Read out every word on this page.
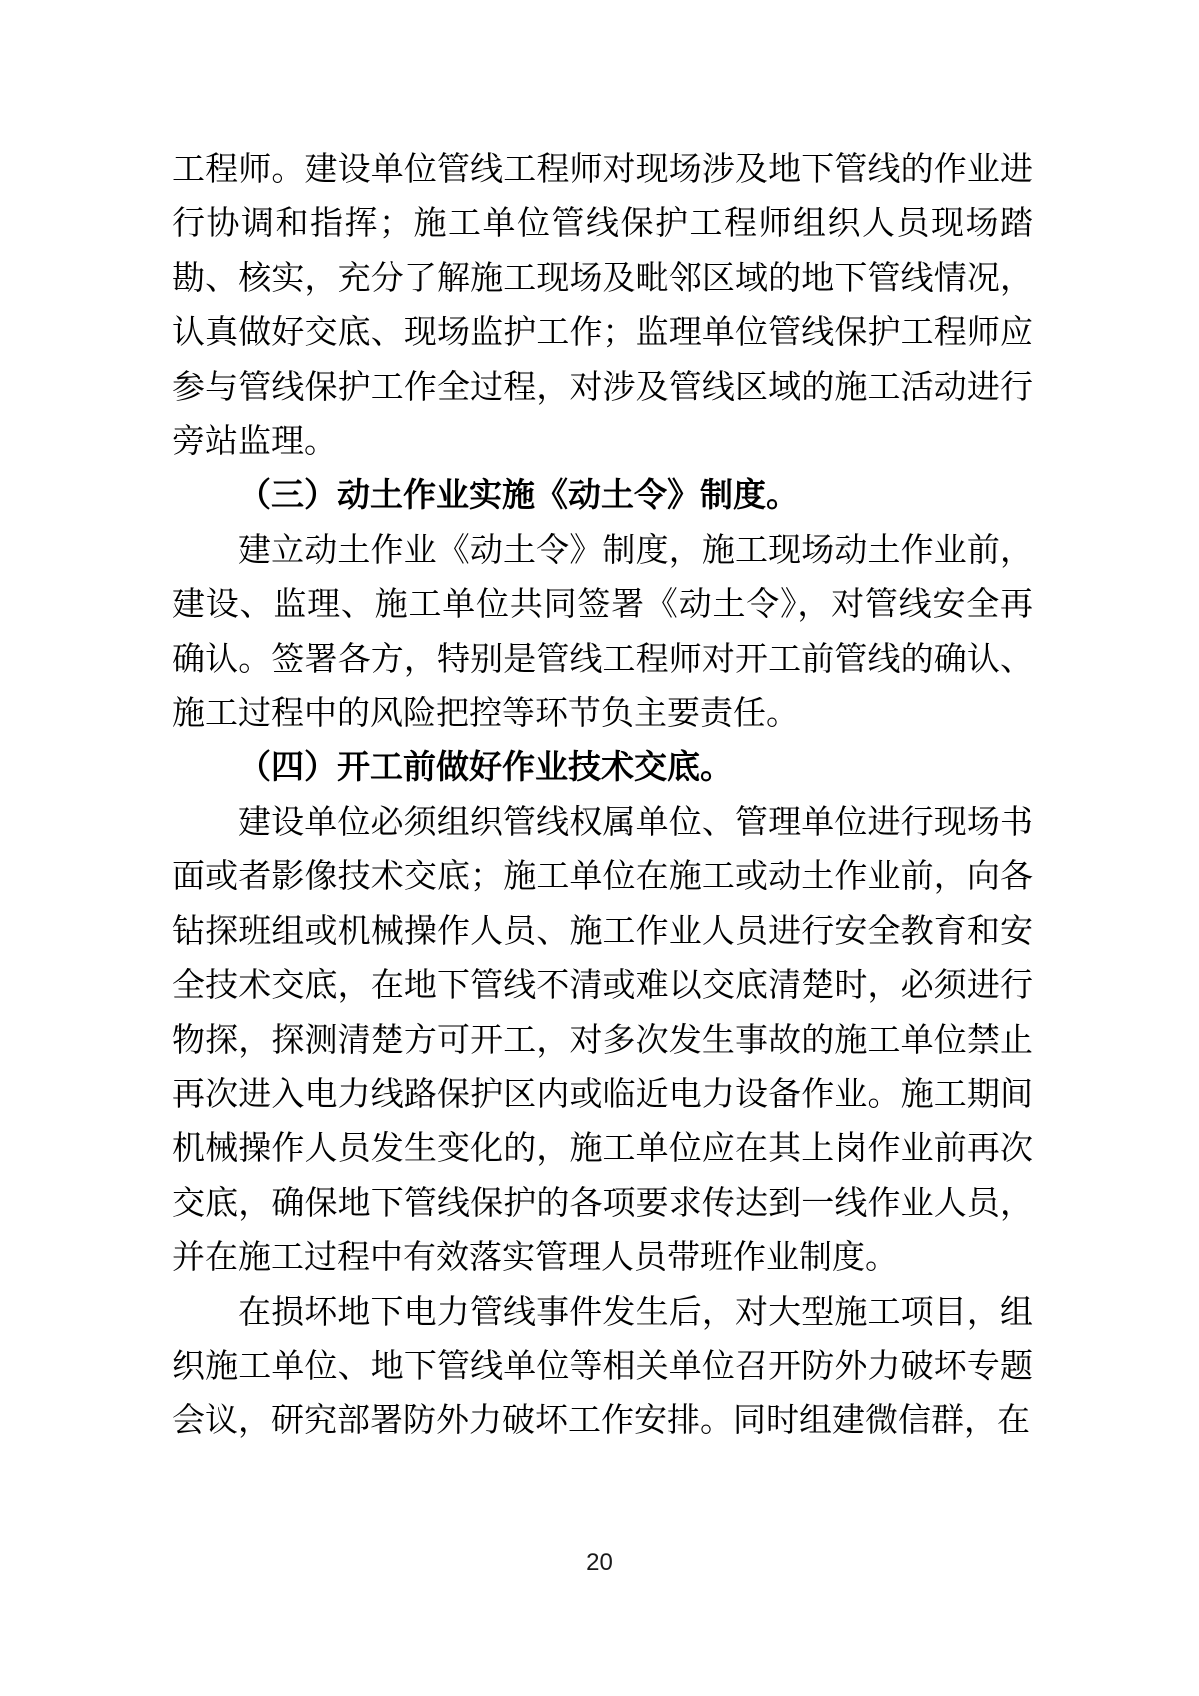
工程师。建设单位管线工程师对现场涉及地下管线的作业进行协调和指挥；施工单位管线保护工程师组织人员现场踏勘、核实，充分了解施工现场及毗邻区域的地下管线情况，认真做好交底、现场监护工作；监理单位管线保护工程师应参与管线保护工作全过程，对涉及管线区域的施工活动进行旁站监理。

（三）动土作业实施《动土令》制度。

建立动土作业《动土令》制度，施工现场动土作业前，建设、监理、施工单位共同签署《动土令》，对管线安全再确认。签署各方，特别是管线工程师对开工前管线的确认、施工过程中的风险把控等环节负主要责任。

（四）开工前做好作业技术交底。

建设单位必须组织管线权属单位、管理单位进行现场书面或者影像技术交底；施工单位在施工或动土作业前，向各钻探班组或机械操作人员、施工作业人员进行安全教育和安全技术交底，在地下管线不清或难以交底清楚时，必须进行物探，探测清楚方可开工，对多次发生事故的施工单位禁止再次进入电力线路保护区内或临近电力设备作业。施工期间机械操作人员发生变化的，施工单位应在其上岗作业前再次交底，确保地下管线保护的各项要求传达到一线作业人员，并在施工过程中有效落实管理人员带班作业制度。

在损坏地下电力管线事件发生后，对大型施工项目，组织施工单位、地下管线单位等相关单位召开防外力破坏专题会议，研究部署防外力破坏工作安排。同时组建微信群，在

20
